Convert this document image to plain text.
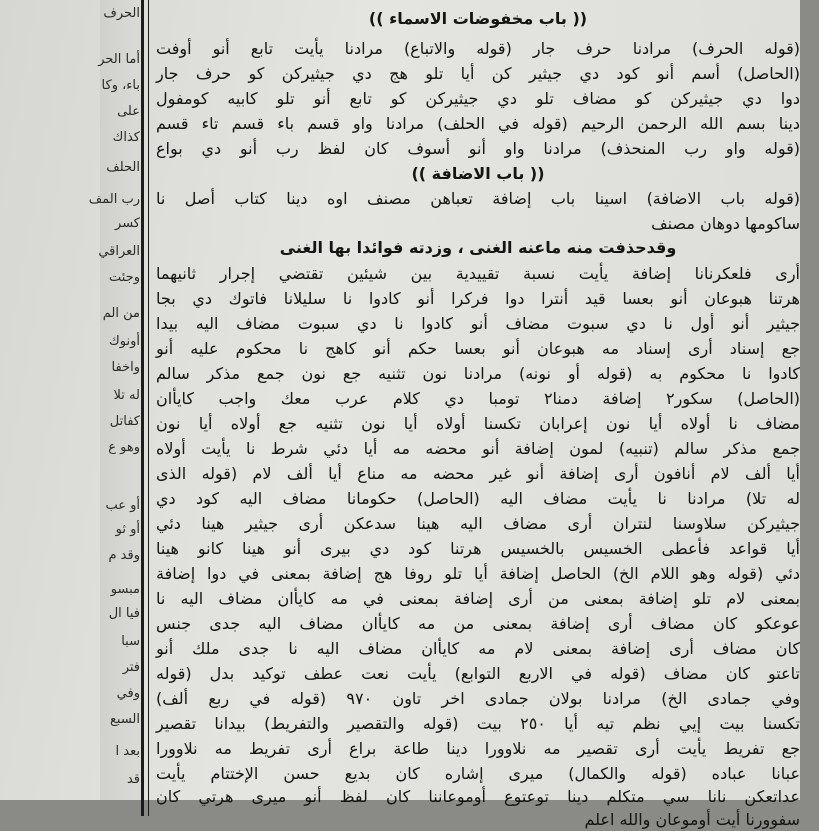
الحرف
أما الحر
باء، وكا
على
كذاك
الحلف
رب المف
كسر
العراقي
وجئت
من الم
أونوك
واخفا
له تلا
كفاتل
وهو ع
أو عب
أو ثو
وقد م
مبسو
فيا ال
سبا
فتر
وفي
السبع
بعد ا
قد
(( باب مخفوضات الاسماء ))
(قوله الحرف) مرادنا حرف جار (قوله والاتباع) مرادنا يأيت تابع أنو أوفت
(الحاصل) أسم أنو كود دي جيثير كن أيا تلو هج دي جيثيركن كو حرف جار
دوا دي جيثيركن كو مضاف تلو دي جيثيركن كو تابع أنو تلو كابيه كومفول
دينا بسم الله الرحمن الرحيم (قوله في الحلف) مرادنا واو قسم باء قسم تاء قسم
(قوله واو رب المنحذف) مرادنا واو أنو أسوف كان لفظ رب أنو دي بواع
(( باب الاضافة ))
(قوله باب الاضافة) اسينا باب إضافة تعباهن مصنف اوه دينا كتاب أصل نا
ساكومها دوهان مصنف
وقدحذفت منه ماعنه الغنى ، وزدته فوائدا بها الغنى
أرى فلعكرنانا إضافة يأيت نسبة تقييدية بين شيئين تقتضي إجرار ثانيهما
هرتنا هبوعان أنو بعسا قيد أنترا دوا فركرا أنو كادوا نا سليلانا فاتوك دي بجا
جيثير أنو أول نا دي سبوت مضاف أنو كادوا نا دي سبوت مضاف اليه بيدا
جع إسناد أرى إسناد مه هبوعان أنو بعسا حكم أنو كاهج نا محكوم عليه أنو
كادوا نا محكوم به (قوله أو نونه) مرادنا نون تثنيه جع نون جمع مذكر سالم
(الحاصل) سكور٢ إضافة دمنا٢ تومبا دي كلام عرب معك واجب كايأان
مضاف نا أولاه أيا نون إعرابان تكسنا أولاه أيا نون تثنيه جع أولاه أيا نون
جمع مذكر سالم (تنبيه) لمون إضافة أنو محضه مه أيا دئي شرط نا يأيت أولاه
أيا ألف لام أنافون أرى إضافة أنو غير محضه مه مناع أيا ألف لام (قوله الذى
له تلا) مرادنا نا يأيت مضاف اليه (الحاصل) حكومانا مضاف اليه كود دي
جيثيركن سلاوسنا لنتران أرى مضاف اليه هينا سدعكن أرى جيثير هينا دئي
أيا قواعد فأعطى الخسيس بالخسيس هرتنا كود دي بيرى أنو هينا كانو هينا
دئي (قوله وهو اللام الخ) الحاصل إضافة أيا تلو روفا هج إضافة بمعنى في دوا إضافة
بمعنى لام تلو إضافة بمعنى من أرى إضافة بمعنى في مه كايأان مضاف اليه نا
عوعكو كان مضاف أرى إضافة بمعنى من مه كايأان مضاف اليه جدى جنس
كان مضاف أرى إضافة بمعنى لام مه كايأان مضاف اليه نا جدى ملك أنو
تاعتو كان مضاف (قوله في الاربع التوابع) يأيت نعت عطف توكيد بدل (قوله
وفي جمادى الخ) مرادنا بولان جمادى اخر تاون ٩٧٠ (قوله في ربع ألف)
تكسنا بيت إيي نظم تيه أيا ٢٥٠ بيت (قوله والتقصير والتفريط) بيدانا تقصير
جع تفريط يأيت أرى تقصير مه نلاوورا دينا طاعة براع أرى تفريط مه نلاوورا
عبانا عباده (قوله والكمال) ميرى إشاره كان بديع حسن الإختتام يأيت
عداتعكن نانا سي متكلم دينا توعتوع أوموعاننا كان لفظ أنو ميرى هرتي كان
سفوورنا أيت أوموعان والله اعلم
